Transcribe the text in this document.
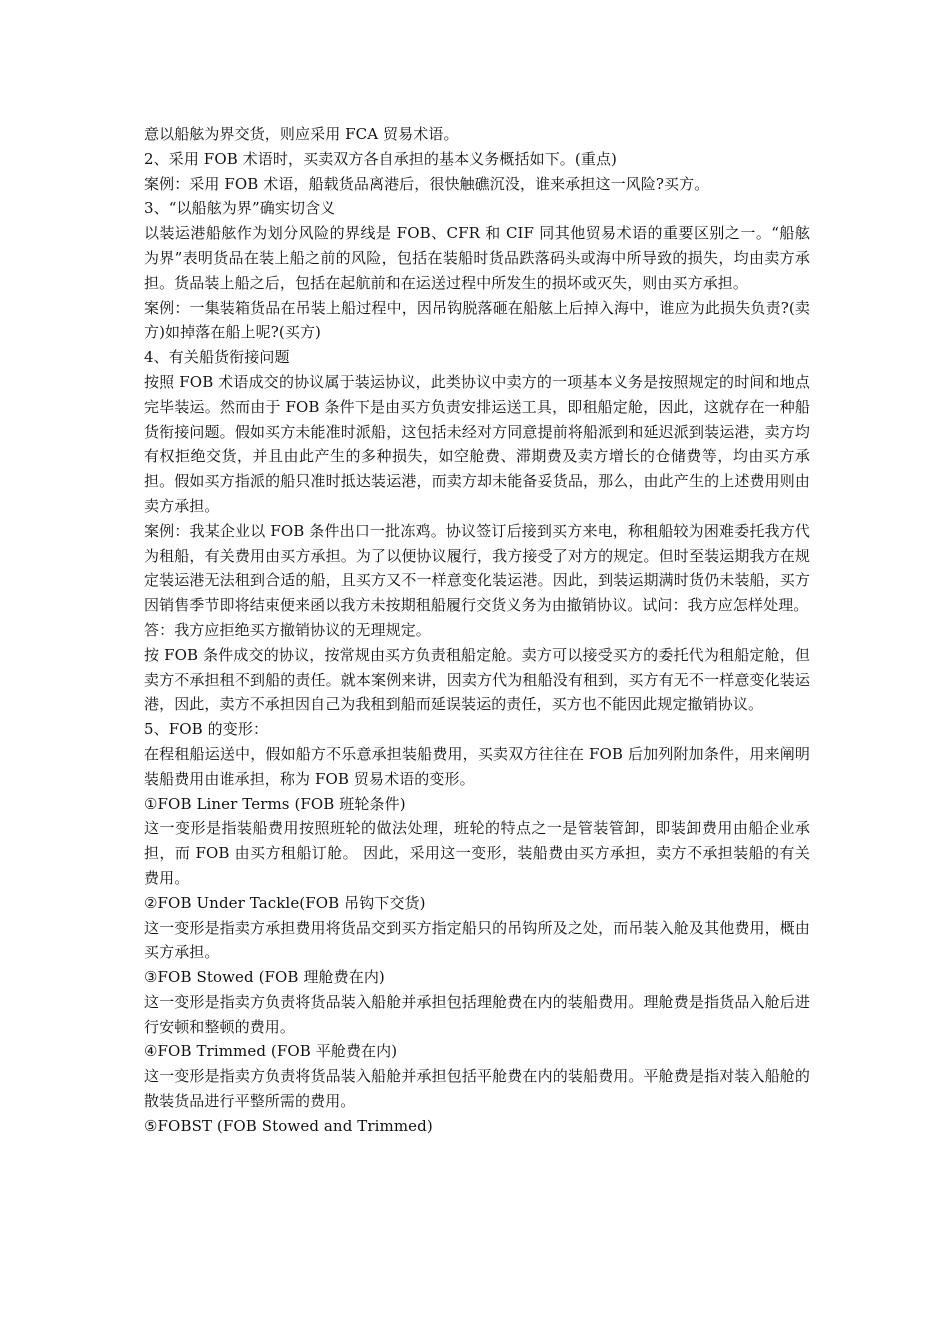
意以船舷为界交货，则应采用 FCA 贸易术语。

2、采用 FOB 术语时，买卖双方各自承担的基本义务概括如下。(重点)

案例：采用 FOB 术语，船载货品离港后，很快触礁沉没，谁来承担这一风险?买方。

3、“以船舷为界”确实切含义

以装运港船舷作为划分风险的界线是 FOB、CFR 和 CIF 同其他贸易术语的重要区别之一。“船舷为界”表明货品在装上船之前的风险，包括在装船时货品跌落码头或海中所导致的损失，均由卖方承担。货品装上船之后，包括在起航前和在运送过程中所发生的损坏或灭失，则由买方承担。

案例：一集装箱货品在吊装上船过程中，因吊钩脱落砸在船舷上后掉入海中，谁应为此损失负责?(卖方)如掉落在船上呢?(买方)

4、有关船货衔接问题

按照 FOB 术语成交的协议属于装运协议，此类协议中卖方的一项基本义务是按照规定的时间和地点完毕装运。然而由于 FOB 条件下是由买方负责安排运送工具，即租船定舱，因此，这就存在一种船货衔接问题。假如买方未能准时派船，这包括未经对方同意提前将船派到和延迟派到装运港，卖方均有权拒绝交货，并且由此产生的多种损失，如空舱费、滞期费及卖方增长的仓储费等，均由买方承担。假如买方指派的船只准时抵达装运港，而卖方却未能备妥货品，那么，由此产生的上述费用则由卖方承担。

案例：我某企业以 FOB 条件出口一批冻鸡。协议签订后接到买方来电，称租船较为困难委托我方代为租船，有关费用由买方承担。为了以便协议履行，我方接受了对方的规定。但时至装运期我方在规定装运港无法租到合适的船，且买方又不一样意变化装运港。因此，到装运期满时货仍未装船，买方因销售季节即将结束便来函以我方未按期租船履行交货义务为由撤销协议。试问：我方应怎样处理。

答：我方应拒绝买方撤销协议的无理规定。

按 FOB 条件成交的协议，按常规由买方负责租船定舱。卖方可以接受买方的委托代为租船定舱，但卖方不承担租不到船的责任。就本案例来讲，因卖方代为租船没有租到，买方有无不一样意变化装运港，因此，卖方不承担因自己为我租到船而延误装运的责任，买方也不能因此规定撤销协议。

5、FOB 的变形：

在程租船运送中，假如船方不乐意承担装船费用，买卖双方往往在 FOB 后加列附加条件，用来阐明装船费用由谁承担，称为 FOB 贸易术语的变形。

①FOB Liner Terms (FOB 班轮条件)

这一变形是指装船费用按照班轮的做法处理，班轮的特点之一是管装管卸，即装卸费用由船企业承担，而 FOB 由买方租船订舱。 因此，采用这一变形，装船费由买方承担，卖方不承担装船的有关费用。

②FOB Under Tackle(FOB 吊钩下交货)

这一变形是指卖方承担费用将货品交到买方指定船只的吊钩所及之处，而吊装入舱及其他费用，概由买方承担。

③FOB Stowed (FOB 理舱费在内)

这一变形是指卖方负责将货品装入船舱并承担包括理舱费在内的装船费用。理舱费是指货品入舱后进行安顿和整顿的费用。

④FOB Trimmed (FOB 平舱费在内)

这一变形是指卖方负责将货品装入船舱并承担包括平舱费在内的装船费用。平舱费是指对装入船舱的散装货品进行平整所需的费用。

⑤FOBST (FOB Stowed and Trimmed)
